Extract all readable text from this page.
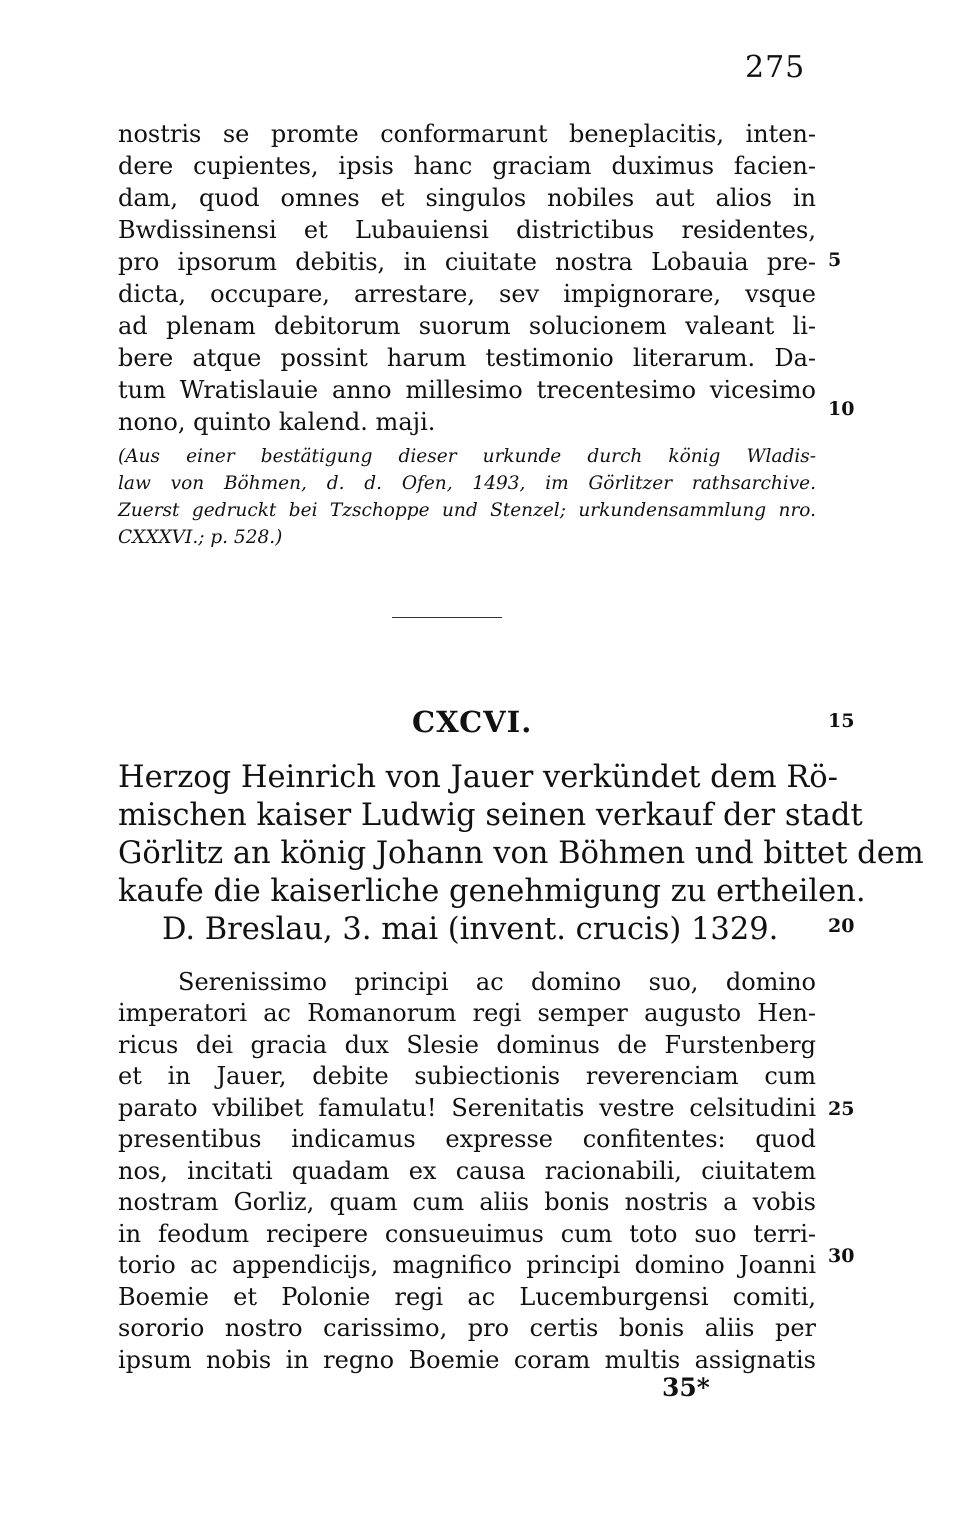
275
nostris se promte conformarunt beneplacitis, inten-
dere cupientes, ipsis hanc graciam duximus facien-
dam, quod omnes et singulos nobiles aut alios in
Bwdissinensi et Lubauiensi districtibus residentes,
pro ipsorum debitis, in ciuitate nostra Lobauia pre-
dicta, occupare, arrestare, sev impignorare, vsque
ad plenam debitorum suorum solucionem valeant li-
bere atque possint harum testimonio literarum. Da-
tum Wratislauie anno millesimo trecentesimo vicesimo
nono, quinto kalend. maji.
(Aus einer bestätigung dieser urkunde durch könig Wladis-
law von Böhmen, d. d. Ofen, 1493, im Görlitzer rathsarchive.
Zuerst gedruckt bei Tzschoppe und Stenzel; urkundensammlung nro.
CXXXVI.; p. 528.)
CXCVI.
Herzog Heinrich von Jauer verkündet dem Rö-
mischen kaiser Ludwig seinen verkauf der stadt
Görlitz an könig Johann von Böhmen und bittet dem
kaufe die kaiserliche genehmigung zu ertheilen.
D. Breslau, 3. mai (invent. crucis) 1329.
Serenissimo principi ac domino suo, domino
imperatori ac Romanorum regi semper augusto Hen-
ricus dei gracia dux Slesie dominus de Furstenberg
et in Jauer, debite subiectionis reverenciam cum
parato vbilibet famulatu! Serenitatis vestre celsitudini
presentibus indicamus expresse confitentes: quod
nos, incitati quadam ex causa racionabili, ciuitatem
nostram Gorliz, quam cum aliis bonis nostris a vobis
in feodum recipere consueuimus cum toto suo terri-
torio ac appendicijs, magnifico principi domino Joanni
Boemie et Polonie regi ac Lucemburgensi comiti,
sororio nostro carissimo, pro certis bonis aliis per
ipsum nobis in regno Boemie coram multis assignatis
5
10
15
20
25
30
35*
